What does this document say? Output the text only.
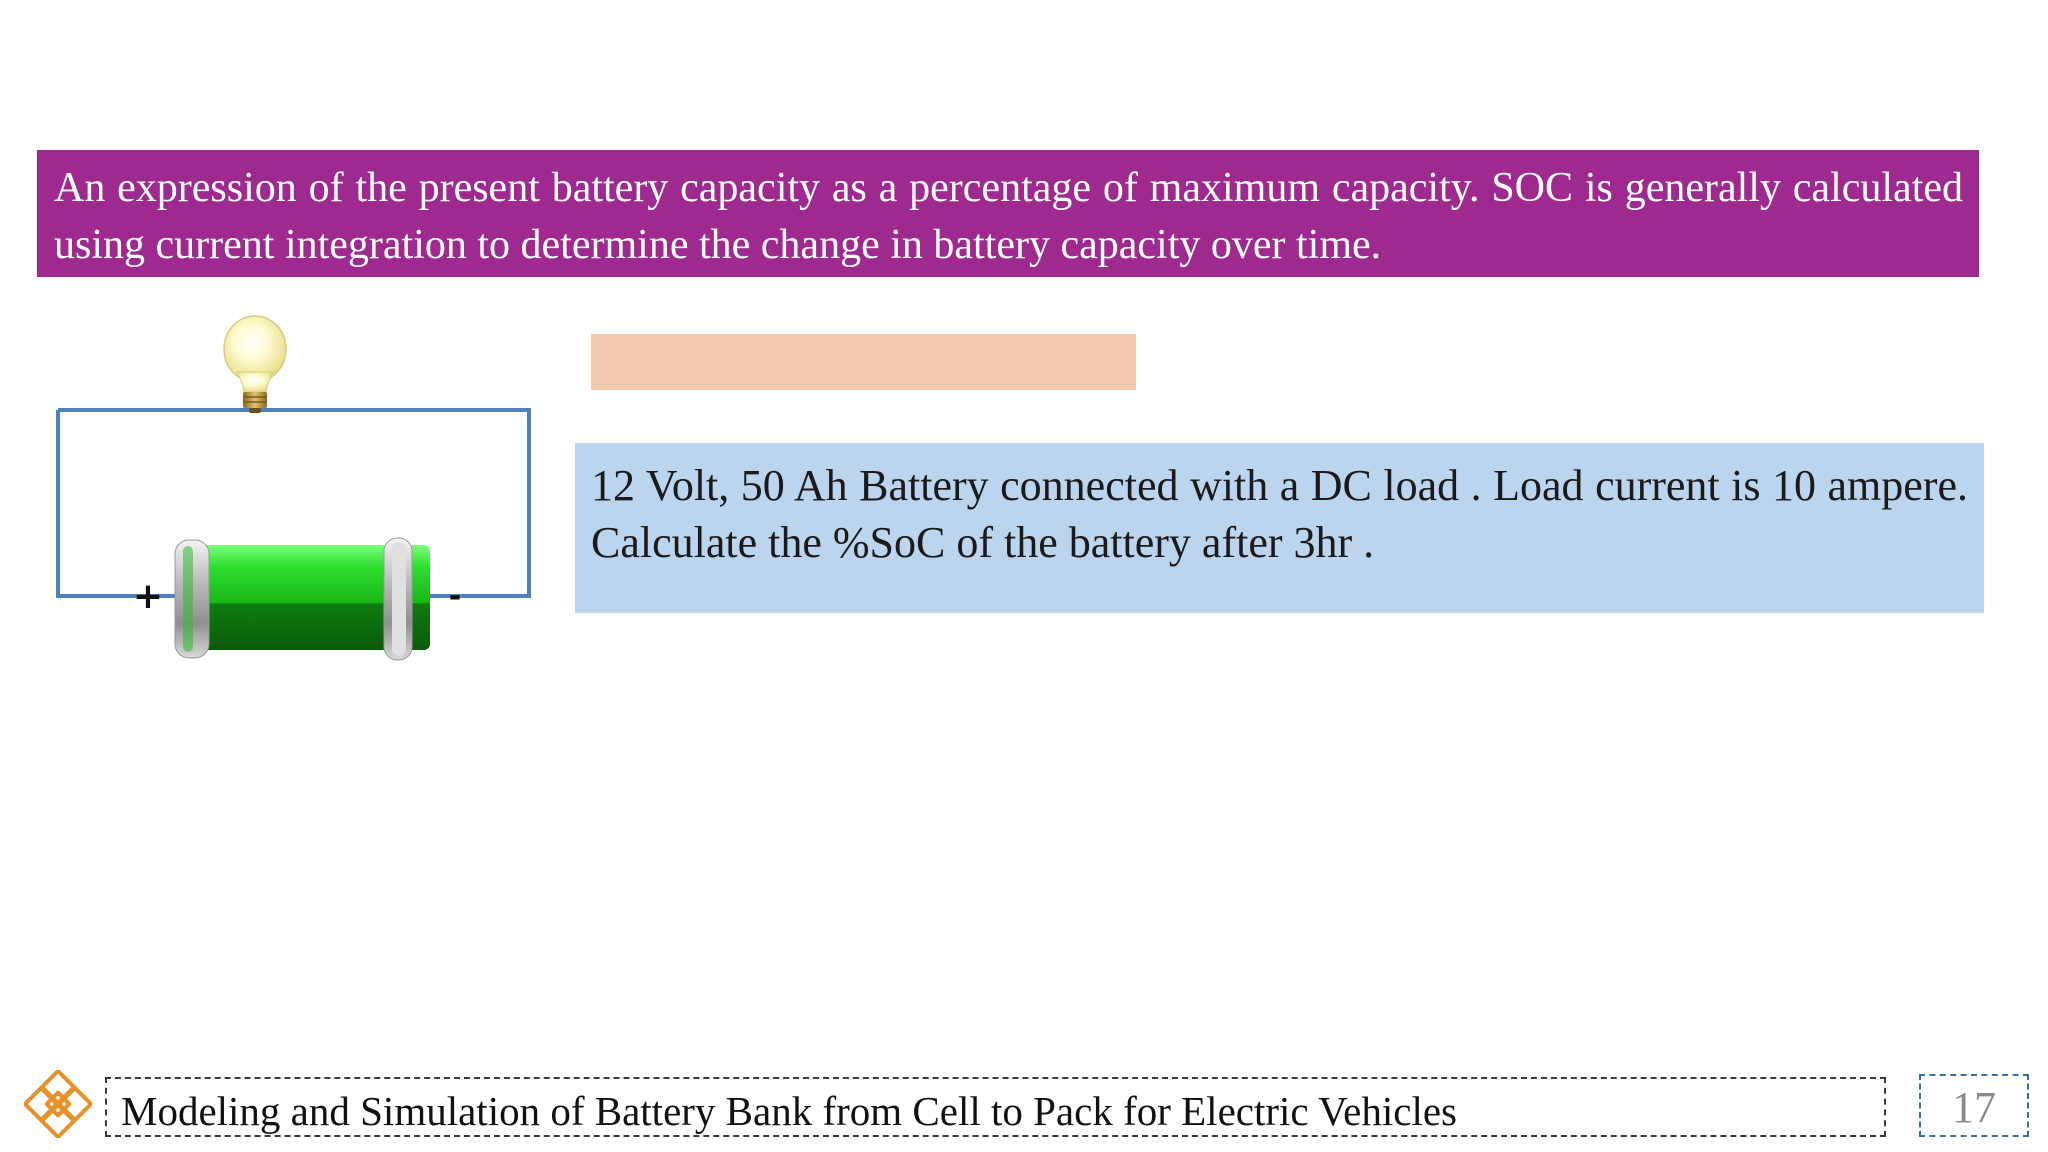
An expression of the present battery capacity as a percentage of maximum capacity. SOC is generally calculated using current integration to determine the change in battery capacity over time.

+	-

12 Volt, 50 Ah Battery connected with a DC load . Load current is 10 ampere. Calculate the %SoC of the battery after 3hr .

Modeling and Simulation of Battery Bank from Cell to Pack for Electric Vehicles	17
